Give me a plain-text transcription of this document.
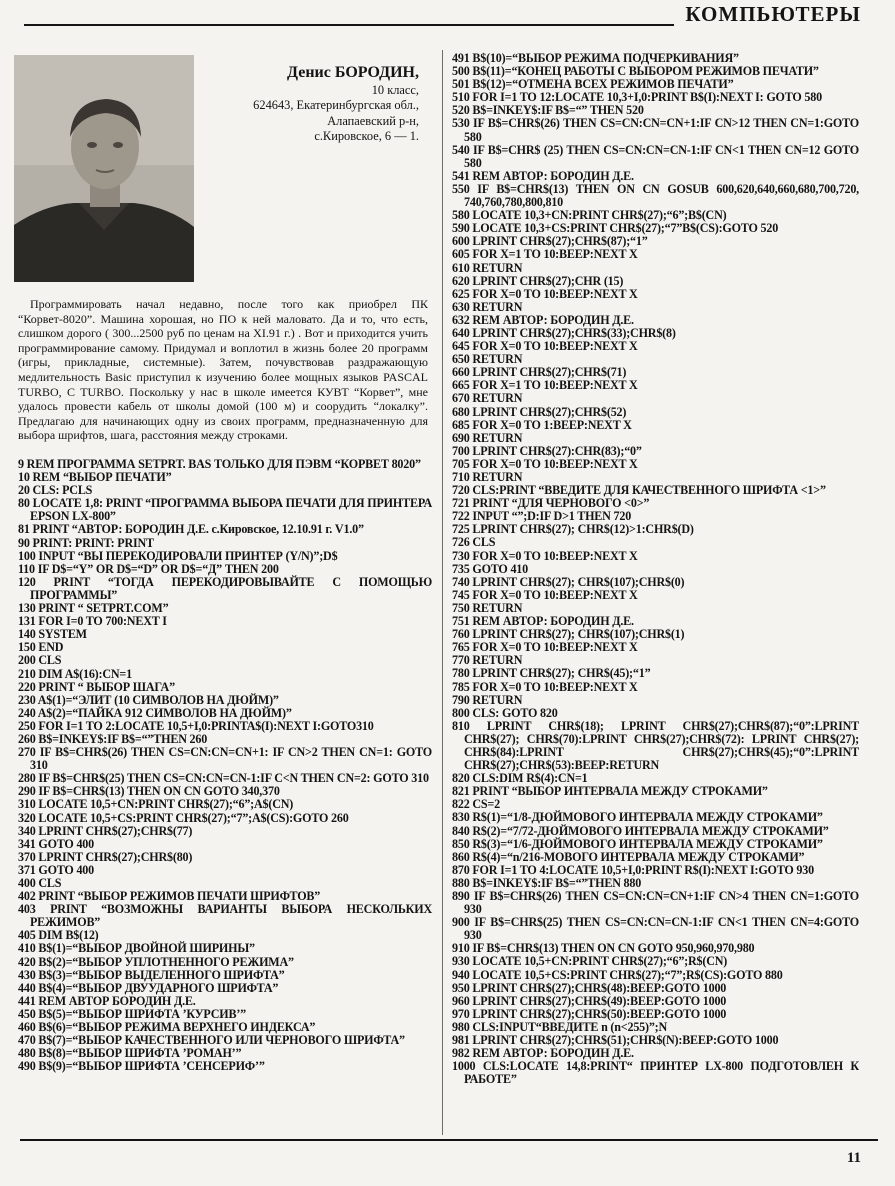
КОМПЬЮТЕРЫ
Денис БОРОДИН,
10 класс,
624643, Екатеринбургская обл.,
Алапаевский р-н,
с.Кировское, 6 — 1.
Программировать начал недавно, после того как приобрел ПК “Корвет-8020”. Машина хорошая, но ПО к ней маловато. Да и то, что есть, слишком дорого ( 300...2500 руб по ценам на XI.91 г.) . Вот и приходится учить программирование самому. Придумал и воплотил в жизнь более 20 программ (игры, прикладные, системные). Затем, почувствовав раздражающую медлительность Basic приступил к изучению более мощных языков PASCAL TURBO, C TURBO. Поскольку у нас в школе имеется КУВТ “Корвет”, мне удалось провести кабель от школы домой (100 м) и соорудить “локалку”. Предлагаю для начинающих одну из своих программ, предназначенную для выбора шрифтов, шага, расстояния между строками.
9 REM ПРОГРАММА SETPRT. BAS ТОЛЬКО ДЛЯ ПЭВМ “КОРВЕТ 8020”
10 REM “ВЫБОР ПЕЧАТИ”
20 CLS: PCLS
80 LOCATE 1,8: PRINT “ПРОГРАММА ВЫБОРА ПЕЧАТИ ДЛЯ ПРИНТЕРА EPSON LX-800”
81 PRINT “АВТОР: БОРОДИН Д.Е. с.Кировское, 12.10.91 г. V1.0”
90 PRINT: PRINT: PRINT
100 INPUT “ВЫ ПЕРЕКОДИРОВАЛИ ПРИНТЕР (Y/N)”;D$
110 IF D$=“Y” OR D$=“D” OR D$=“Д” THEN 200
120 PRINT “ТОГДА ПЕРЕКОДИРОВЫВАЙТЕ С ПОМОЩЬЮ ПРОГРАММЫ”
130 PRINT “ SETPRT.COM”
131 FOR I=0 TO 700:NEXT I
140 SYSTEM
150 END
200 CLS
210 DIM A$(16):CN=1
220 PRINT “ ВЫБОР ШАГА”
230 A$(1)=“ЭЛИТ (10 СИМВОЛОВ НА ДЮЙМ)”
240 A$(2)=“ПАЙКА 912 СИМВОЛОВ НА ДЮЙМ)”
250 FOR I=1 TO 2:LOCATE 10,5+I,0:PRINTA$(I):NEXT I:GOTO310
260 B$=INKEY$:IF B$=“”THEN 260
270 IF B$=CHR$(26) THEN CS=CN:CN=CN+1: IF CN>2 THEN CN=1: GOTO 310
280 IF B$=CHR$(25) THEN CS=CN:CN=CN-1:IF C<N THEN CN=2: GOTO 310
290 IF B$=CHR$(13) THEN ON CN GOTO 340,370
310 LOCATE 10,5+CN:PRINT CHR$(27);“6”;A$(CN)
320 LOCATE 10,5+CS:PRINT CHR$(27);“7”;A$(CS):GOTO 260
340 LPRINT CHR$(27);CHR$(77)
341 GOTO 400
370 LPRINT CHR$(27);CHR$(80)
371 GOTO 400
400 CLS
402 PRINT “ВЫБОР РЕЖИМОВ ПЕЧАТИ ШРИФТОВ”
403 PRINT “ВОЗМОЖНЫ ВАРИАНТЫ ВЫБОРА НЕСКОЛЬКИХ РЕЖИМОВ”
405 DIM B$(12)
410 B$(1)=“ВЫБОР ДВОЙНОЙ ШИРИНЫ”
420 B$(2)=“ВЫБОР УПЛОТНЕННОГО РЕЖИМА”
430 B$(3)=“ВЫБОР ВЫДЕЛЕННОГО ШРИФТА”
440 B$(4)=“ВЫБОР ДВУУДАРНОГО ШРИФТА”
441 REM АВТОР БОРОДИН Д.Е.
450 B$(5)=“ВЫБОР ШРИФТА ’КУРСИВ’”
460 B$(6)=“ВЫБОР РЕЖИМА ВЕРХНЕГО ИНДЕКСА”
470 B$(7)=“ВЫБОР КАЧЕСТВЕННОГО ИЛИ ЧЕРНОВОГО ШРИФТА”
480 B$(8)=“ВЫБОР ШРИФТА ’РОМАН’”
490 B$(9)=“ВЫБОР ШРИФТА ’СЕНСЕРИФ’”
491 B$(10)=“ВЫБОР РЕЖИМА ПОДЧЕРКИВАНИЯ”
500 B$(11)=“КОНЕЦ РАБОТЫ С ВЫБОРОМ РЕЖИМОВ ПЕЧАТИ”
501 B$(12)=“ОТМЕНА ВСЕХ РЕЖИМОВ ПЕЧАТИ”
510 FOR I=1 TO 12:LOCATE 10,3+I,0:PRINT B$(I):NEXT I: GOTO 580
520 B$=INKEY$:IF B$=“” THEN 520
530 IF B$=CHR$(26) THEN CS=CN:CN=CN+1:IF CN>12 THEN CN=1:GOTO 580
540 IF B$=CHR$ (25) THEN CS=CN:CN=CN-1:IF CN<1 THEN CN=12 GOTO 580
541 REM АВТОР: БОРОДИН Д.Е.
550 IF B$=CHR$(13) THEN ON CN GOSUB 600,620,640,660,680,700,720, 740,760,780,800,810
580 LOCATE 10,3+CN:PRINT CHR$(27);“6”;B$(CN)
590 LOCATE 10,3+CS:PRINT CHR$(27);“7”B$(CS):GOTO 520
600 LPRINT CHR$(27);CHR$(87);“1”
605 FOR X=1 TO 10:BEEP:NEXT X
610 RETURN
620 LPRINT CHR$(27);CHR (15)
625 FOR X=0 TO 10:BEEP:NEXT X
630 RETURN
632 REM АВТОР: БОРОДИН Д.Е.
640 LPRINT CHR$(27);CHR$(33);CHR$(8)
645 FOR X=0 TO 10:BEEP:NEXT X
650 RETURN
660 LPRINT CHR$(27);CHR$(71)
665 FOR X=1 TO 10:BEEP:NEXT X
670 RETURN
680 LPRINT CHR$(27);CHR$(52)
685 FOR X=0 TO 1:BEEP:NEXT X
690 RETURN
700 LPRINT CHR$(27):CHR(83);“0”
705 FOR X=0 TO 10:BEEP:NEXT X
710 RETURN
720 CLS:PRINT “ВВЕДИТЕ ДЛЯ КАЧЕСТВЕННОГО ШРИФТА <1>”
721 PRINT “ДЛЯ ЧЕРНОВОГО <0>”
722 INPUT “”;D:IF D>1 THEN 720
725 LPRINT CHR$(27); CHR$(12)>1:CHR$(D)
726 CLS
730 FOR X=0 TO 10:BEEP:NEXT X
735 GOTO 410
740 LPRINT CHR$(27); CHR$(107);CHR$(0)
745 FOR X=0 TO 10:BEEP:NEXT X
750 RETURN
751 REM АВТОР: БОРОДИН Д.Е.
760 LPRINT CHR$(27); CHR$(107);CHR$(1)
765 FOR X=0 TO 10:BEEP:NEXT X
770 RETURN
780 LPRINT CHR$(27); CHR$(45);“1”
785 FOR X=0 TO 10:BEEP:NEXT X
790 RETURN
800 CLS: GOTO 820
810 LPRINT CHR$(18); LPRINT CHR$(27);CHR$(87);“0”:LPRINT CHR$(27); CHR$(70):LPRINT CHR$(27);CHR$(72): LPRINT CHR$(27); CHR$(84):LPRINT CHR$(27);CHR$(45);“0”:LPRINT CHR$(27);CHR$(53):BEEP:RETURN
820 CLS:DIM R$(4):CN=1
821 PRINT “ВЫБОР ИНТЕРВАЛА МЕЖДУ СТРОКАМИ”
822 CS=2
830 R$(1)=“1/8-ДЮЙМОВОГО ИНТЕРВАЛА МЕЖДУ СТРОКАМИ”
840 R$(2)=“7/72-ДЮЙМОВОГО ИНТЕРВАЛА МЕЖДУ СТРОКАМИ”
850 R$(3)=“1/6-ДЮЙМОВОГО ИНТЕРВАЛА МЕЖДУ СТРОКАМИ”
860 R$(4)=“n/216-МОВОГО ИНТЕРВАЛА МЕЖДУ СТРОКАМИ”
870 FOR I=1 TO 4:LOCATE 10,5+I,0:PRINT R$(I):NEXT I:GOTO 930
880 B$=INKEY$:IF B$=“”THEN 880
890 IF B$=CHR$(26) THEN CS=CN:CN=CN+1:IF CN>4 THEN CN=1:GOTO 930
900 IF B$=CHR$(25) THEN CS=CN:CN=CN-1:IF CN<1 THEN CN=4:GOTO 930
910 IF B$=CHR$(13) THEN ON CN GOTO 950,960,970,980
930 LOCATE 10,5+CN:PRINT CHR$(27);“6”;R$(CN)
940 LOCATE 10,5+CS:PRINT CHR$(27);“7”;R$(CS):GOTO 880
950 LPRINT CHR$(27);CHR$(48):BEEP:GOTO 1000
960 LPRINT CHR$(27);CHR$(49):BEEP:GOTO 1000
970 LPRINT CHR$(27);CHR$(50):BEEP:GOTO 1000
980 CLS:INPUT“ВВЕДИТЕ n (n<255)”;N
981 LPRINT CHR$(27);CHR$(51);CHR$(N):BEEP:GOTO 1000
982 REM АВТОР: БОРОДИН Д.Е.
1000 CLS:LOCATE 14,8:PRINT“ ПРИНТЕР LX-800 ПОДГОТОВЛЕН К РАБОТЕ”
11
